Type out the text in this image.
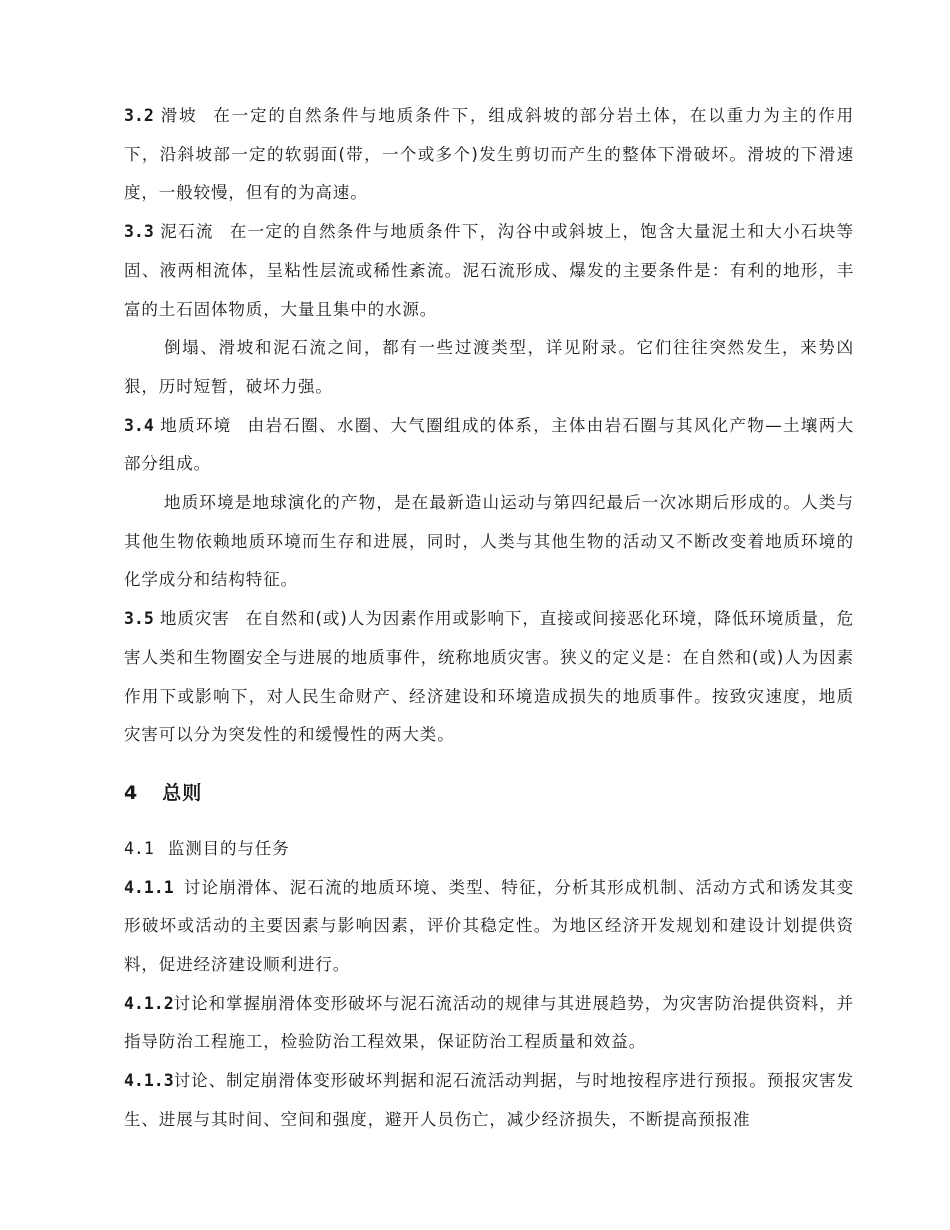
3.2 滑坡 在一定的自然条件与地质条件下，组成斜坡的部分岩土体，在以重力为主的作用下，沿斜坡部一定的软弱面(带，一个或多个)发生剪切而产生的整体下滑破坏。滑坡的下滑速度，一般较慢，但有的为高速。

3.3 泥石流 在一定的自然条件与地质条件下，沟谷中或斜坡上，饱含大量泥土和大小石块等固、液两相流体，呈粘性层流或稀性紊流。泥石流形成、爆发的主要条件是：有利的地形，丰富的土石固体物质，大量且集中的水源。

倒塌、滑坡和泥石流之间，都有一些过渡类型，详见附录。它们往往突然发生，来势凶狠，历时短暂，破坏力强。

3.4 地质环境 由岩石圈、水圈、大气圈组成的体系，主体由岩石圈与其风化产物—土壤两大部分组成。

地质环境是地球演化的产物，是在最新造山运动与第四纪最后一次冰期后形成的。人类与其他生物依赖地质环境而生存和进展，同时，人类与其他生物的活动又不断改变着地质环境的化学成分和结构特征。

3.5 地质灾害 在自然和(或)人为因素作用或影响下，直接或间接恶化环境，降低环境质量，危害人类和生物圈安全与进展的地质事件，统称地质灾害。狭义的定义是：在自然和(或)人为因素作用下或影响下，对人民生命财产、经济建设和环境造成损失的地质事件。按致灾速度，地质灾害可以分为突发性的和缓慢性的两大类。

4 总则

4.1 监测目的与任务

4.1.1 讨论崩滑体、泥石流的地质环境、类型、特征，分析其形成机制、活动方式和诱发其变形破坏或活动的主要因素与影响因素，评价其稳定性。为地区经济开发规划和建设计划提供资料，促进经济建设顺利进行。

4.1.2讨论和掌握崩滑体变形破坏与泥石流活动的规律与其进展趋势，为灾害防治提供资料，并指导防治工程施工，检验防治工程效果，保证防治工程质量和效益。

4.1.3讨论、制定崩滑体变形破坏判据和泥石流活动判据，与时地按程序进行预报。预报灾害发生、进展与其时间、空间和强度，避开人员伤亡，减少经济损失，不断提高预报准
